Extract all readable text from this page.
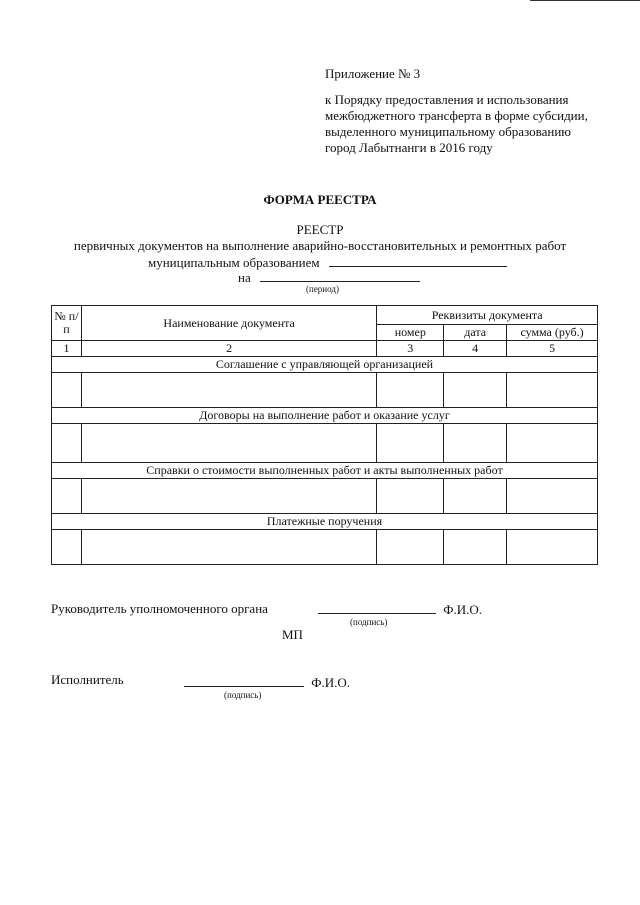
Приложение № 3
к Порядку предоставления и использования
межбюджетного трансферта в форме субсидии,
выделенного муниципальному образованию
город Лабытнанги в 2016 году
ФОРМА РЕЕСТРА
РЕЕСТР
первичных документов на выполнение аварийно-восстановительных и ремонтных работ
муниципальным образованием
на
(период)
№ п/п	Наименование документа	Реквизиты документа		
		номер	дата	сумма (руб.)
1	2	3	4	5
Соглашение с управляющей организацией				

Договоры на выполнение работ и оказание услуг				

Справки о стоимости выполненных работ и акты выполненных работ				

Платежные поручения				

Руководитель уполномоченного органа	Ф.И.О.
(подпись)
МП
Исполнитель	Ф.И.О.
(подпись)
